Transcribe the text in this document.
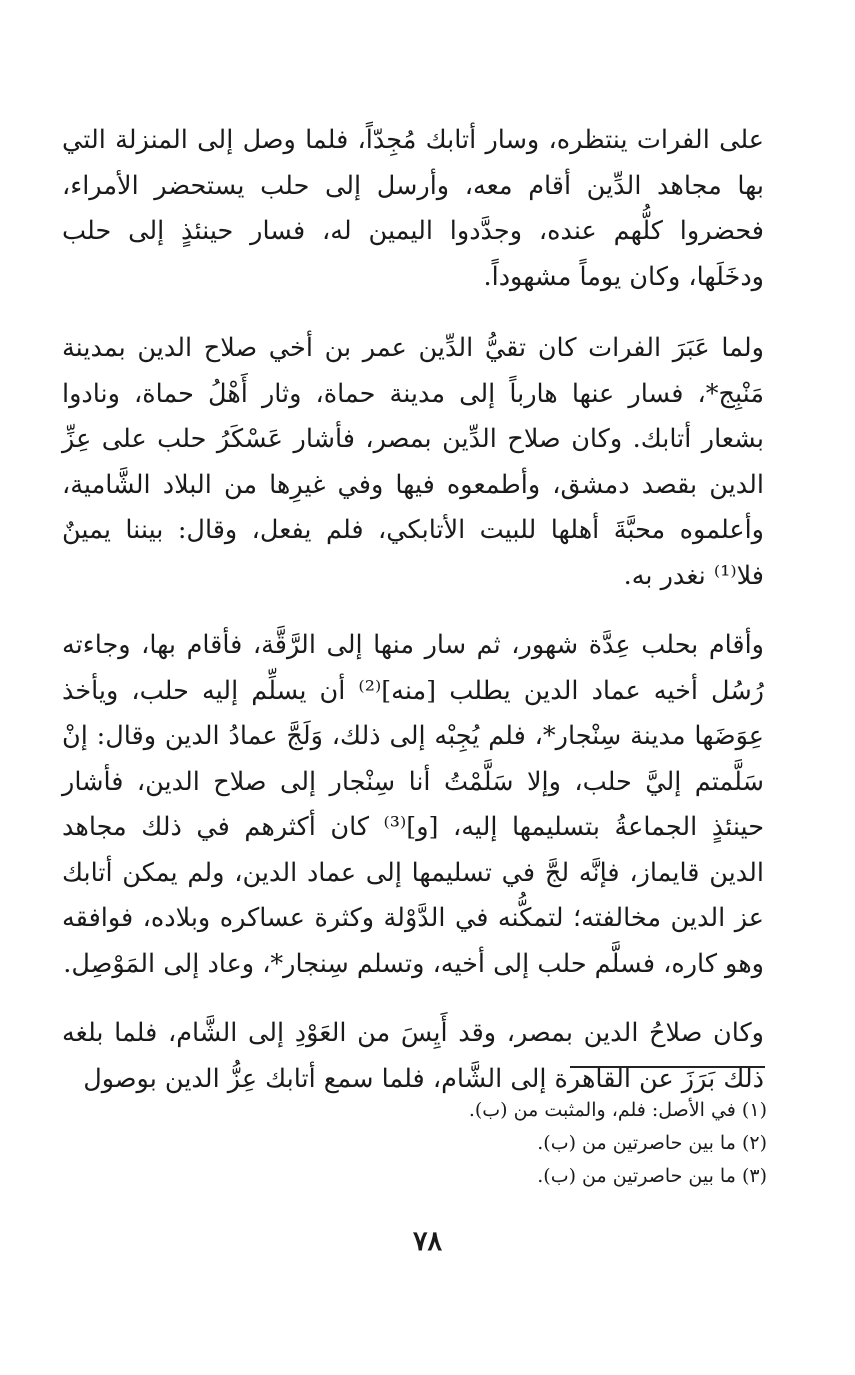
على الفرات ينتظره، وسار أتابك مُجِدّاً، فلما وصل إلى المنزلة التي بها مجاهد الدِّين أقام معه، وأرسل إلى حلب يستحضر الأمراء، فحضروا كلُّهم عنده، وجدَّدوا اليمين له، فسار حينئذٍ إلى حلب ودخَلَها، وكان يوماً مشهوداً.

ولما عَبَرَ الفرات كان تقيُّ الدِّين عمر بن أخي صلاح الدين بمدينة مَنْبِج*، فسار عنها هارباً إلى مدينة حماة، وثار أَهْلُ حماة، ونادوا بشعار أتابك. وكان صلاح الدِّين بمصر، فأشار عَسْكَرُ حلب على عِزِّ الدين بقصد دمشق، وأطمعوه فيها وفي غيرِها من البلاد الشَّامية، وأعلموه محبَّةَ أهلها للبيت الأتابكي، فلم يفعل، وقال: بيننا يمينٌ فلا⁽¹⁾ نغدر به.

وأقام بحلب عِدَّة شهور، ثم سار منها إلى الرَّقَّة، فأقام بها، وجاءته رُسُل أخيه عماد الدين يطلب [منه]⁽²⁾ أن يسلِّم إليه حلب، ويأخذ عِوَضَها مدينة سِنْجار*، فلم يُجِبْه إلى ذلك، وَلَجَّ عمادُ الدين وقال: إنْ سَلَّمتم إليَّ حلب، وإلا سَلَّمْتُ أنا سِنْجار إلى صلاح الدين، فأشار حينئذٍ الجماعةُ بتسليمها إليه، [و]⁽³⁾ كان أكثرهم في ذلك مجاهد الدين قايماز، فإنَّه لجَّ في تسليمها إلى عماد الدين، ولم يمكن أتابك عز الدين مخالفته؛ لتمكُّنه في الدَّوْلة وكثرة عساكره وبلاده، فوافقه وهو كاره، فسلَّم حلب إلى أخيه، وتسلم سِنجار*، وعاد إلى المَوْصِل.

وكان صلاحُ الدين بمصر، وقد أَيِسَ من العَوْدِ إلى الشَّام، فلما بلغه ذلك بَرَزَ عن القاهرة إلى الشَّام، فلما سمع أتابك عِزُّ الدين بوصول

(١) في الأصل: فلم، والمثبت من (ب).

(٢) ما بين حاصرتين من (ب).

(٣) ما بين حاصرتين من (ب).

٧٨
